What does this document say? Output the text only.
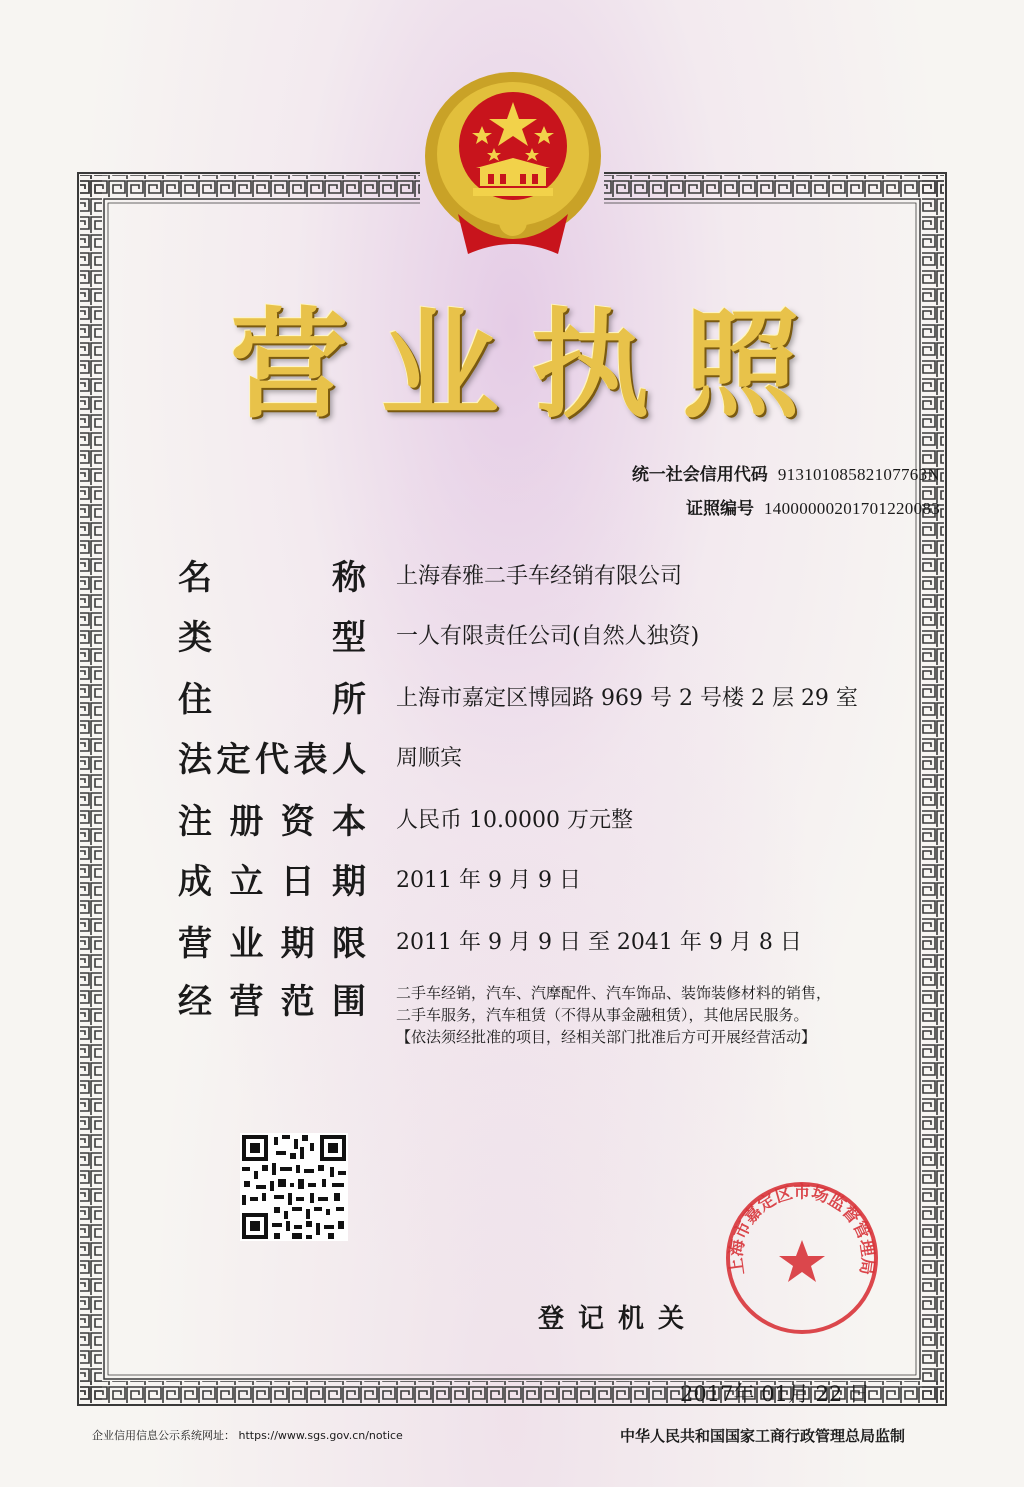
营 业 执 照
统一社会信用代码 91310108582107763N
证照编号 14000000201701220083
名	称 上海春雅二手车经销有限公司
类	型 一人有限责任公司(自然人独资)
住	所 上海市嘉定区博园路 969 号 2 号楼 2 层 29 室
法 定 代 表 人 周顺宾
注 册 资 本 人民币 10.0000 万元整
成 立 日 期 2011 年 9 月 9 日
营 业 期 限 2011 年 9 月 9 日 至 2041 年 9 月 8 日
经 营 范 围 二手车经销，汽车、汽摩配件、汽车饰品、装饰装修材料的销售，
二手车服务，汽车租赁（不得从事金融租赁），其他居民服务。
【依法须经批准的项目，经相关部门批准后方可开展经营活动】
登记机关
上海市嘉定区市场监督管理局
2017年 01月 22 日
企业信用信息公示系统网址： https://www.sgs.gov.cn/notice	中华人民共和国国家工商行政管理总局监制
